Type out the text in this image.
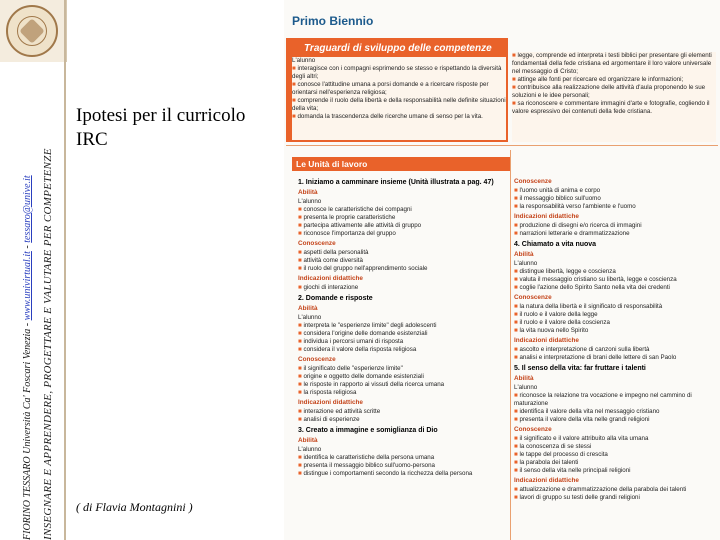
FIORINO TESSARO Università Ca' Foscari Venezia - www.univirtual.it - tessaro@unive.it INSEGNARE E APPRENDERE, PROGETTARE E VALUTARE PER COMPETENZE
Ipotesi per il curricolo IRC
( di Flavia Montagnini )
Primo Biennio
Traguardi di sviluppo delle competenze

L'alunno

■ interagisce con i compagni esprimendo se stesso e rispettando la diversità degli altri;

■ conosce l'attitudine umana a porsi domande e a ricercare risposte per orientarsi nell'esperienza religiosa;

■ comprende il ruolo della libertà e della responsabilità nelle definite situazioni della vita;

■ domanda la trascendenza delle ricerche umane di senso per la vita.

■ legge, comprende ed interpreta i testi biblici per presentare gli elementi fondamentali della fede cristiana ed argomentare il loro valore universale nel messaggio di Cristo;

■ attinge alle fonti per ricercare ed organizzare le informazioni;

■ contribuisce alla realizzazione delle attività d'aula proponendo le sue soluzioni e le idee personali;

■ sa riconoscere e commentare immagini d'arte e fotografie, cogliendo il valore espressivo dei contenuti della fede cristiana.

Le Unità di lavoro
1. Iniziamo a camminare insieme (Unità illustrata a pag. 47)
Abilità

L'alunno

■ conosce le caratteristiche dei compagni

■ presenta le proprie caratteristiche

■ partecipa attivamente alle attività di gruppo

■ riconosce l'importanza del gruppo

Conoscenze

■ aspetti della personalità

■ attività come diversità

■ il ruolo del gruppo nell'apprendimento sociale

Indicazioni didattiche

■ giochi di interazione

2. Domande e risposte
Abilità

L'alunno

■ interpreta le "esperienze limite" degli adolescenti

■ considera l'origine delle domande esistenziali

■ individua i percorsi umani di risposta

■ considera il valore della risposta religiosa

Conoscenze

■ il significato delle "esperienze limite"

■ origine e oggetto delle domande esistenziali

■ le risposte in rapporto ai vissuti della ricerca umana

■ la risposta religiosa

Indicazioni didattiche

■ interazione ed attività scritte

■ analisi di esperienze

3. Creato a immagine e somiglianza di Dio
Abilità

L'alunno

■ identifica le caratteristiche della persona umana

■ presenta il messaggio biblico sull'uomo-persona

■ distingue i comportamenti secondo la ricchezza della persona

Conoscenze

■ l'uomo unità di anima e corpo

■ il messaggio biblico sull'uomo

■ la responsabilità verso l'ambiente e l'uomo

Indicazioni didattiche

■ produzione di disegni e/o ricerca di immagini

■ narrazioni letterarie e drammatizzazione

4. Chiamato a vita nuova
Abilità

L'alunno

■ distingue libertà, legge e coscienza

■ valuta il messaggio cristiano su libertà, legge e coscienza

■ coglie l'azione dello Spirito Santo nella vita dei credenti

Conoscenze

■ la natura della libertà e il significato di responsabilità

■ il ruolo e il valore della legge

■ il ruolo e il valore della coscienza

■ la vita nuova nello Spirito

Indicazioni didattiche

■ ascolto e interpretazione di canzoni sulla libertà

■ analisi e interpretazione di brani delle lettere di san Paolo

5. Il senso della vita: far fruttare i talenti
Abilità

L'alunno

■ riconosce la relazione tra vocazione e impegno nel cammino di maturazione

■ identifica il valore della vita nel messaggio cristiano

■ presenta il valore della vita nelle grandi religioni

Conoscenze

■ il significato e il valore attribuito alla vita umana

■ la conoscenza di se stessi

■ le tappe del processo di crescita

■ la parabola dei talenti

■ il senso della vita nelle principali religioni

Indicazioni didattiche

■ attualizzazione e drammatizzazione della parabola dei talenti

■ lavori di gruppo su testi delle grandi religioni
